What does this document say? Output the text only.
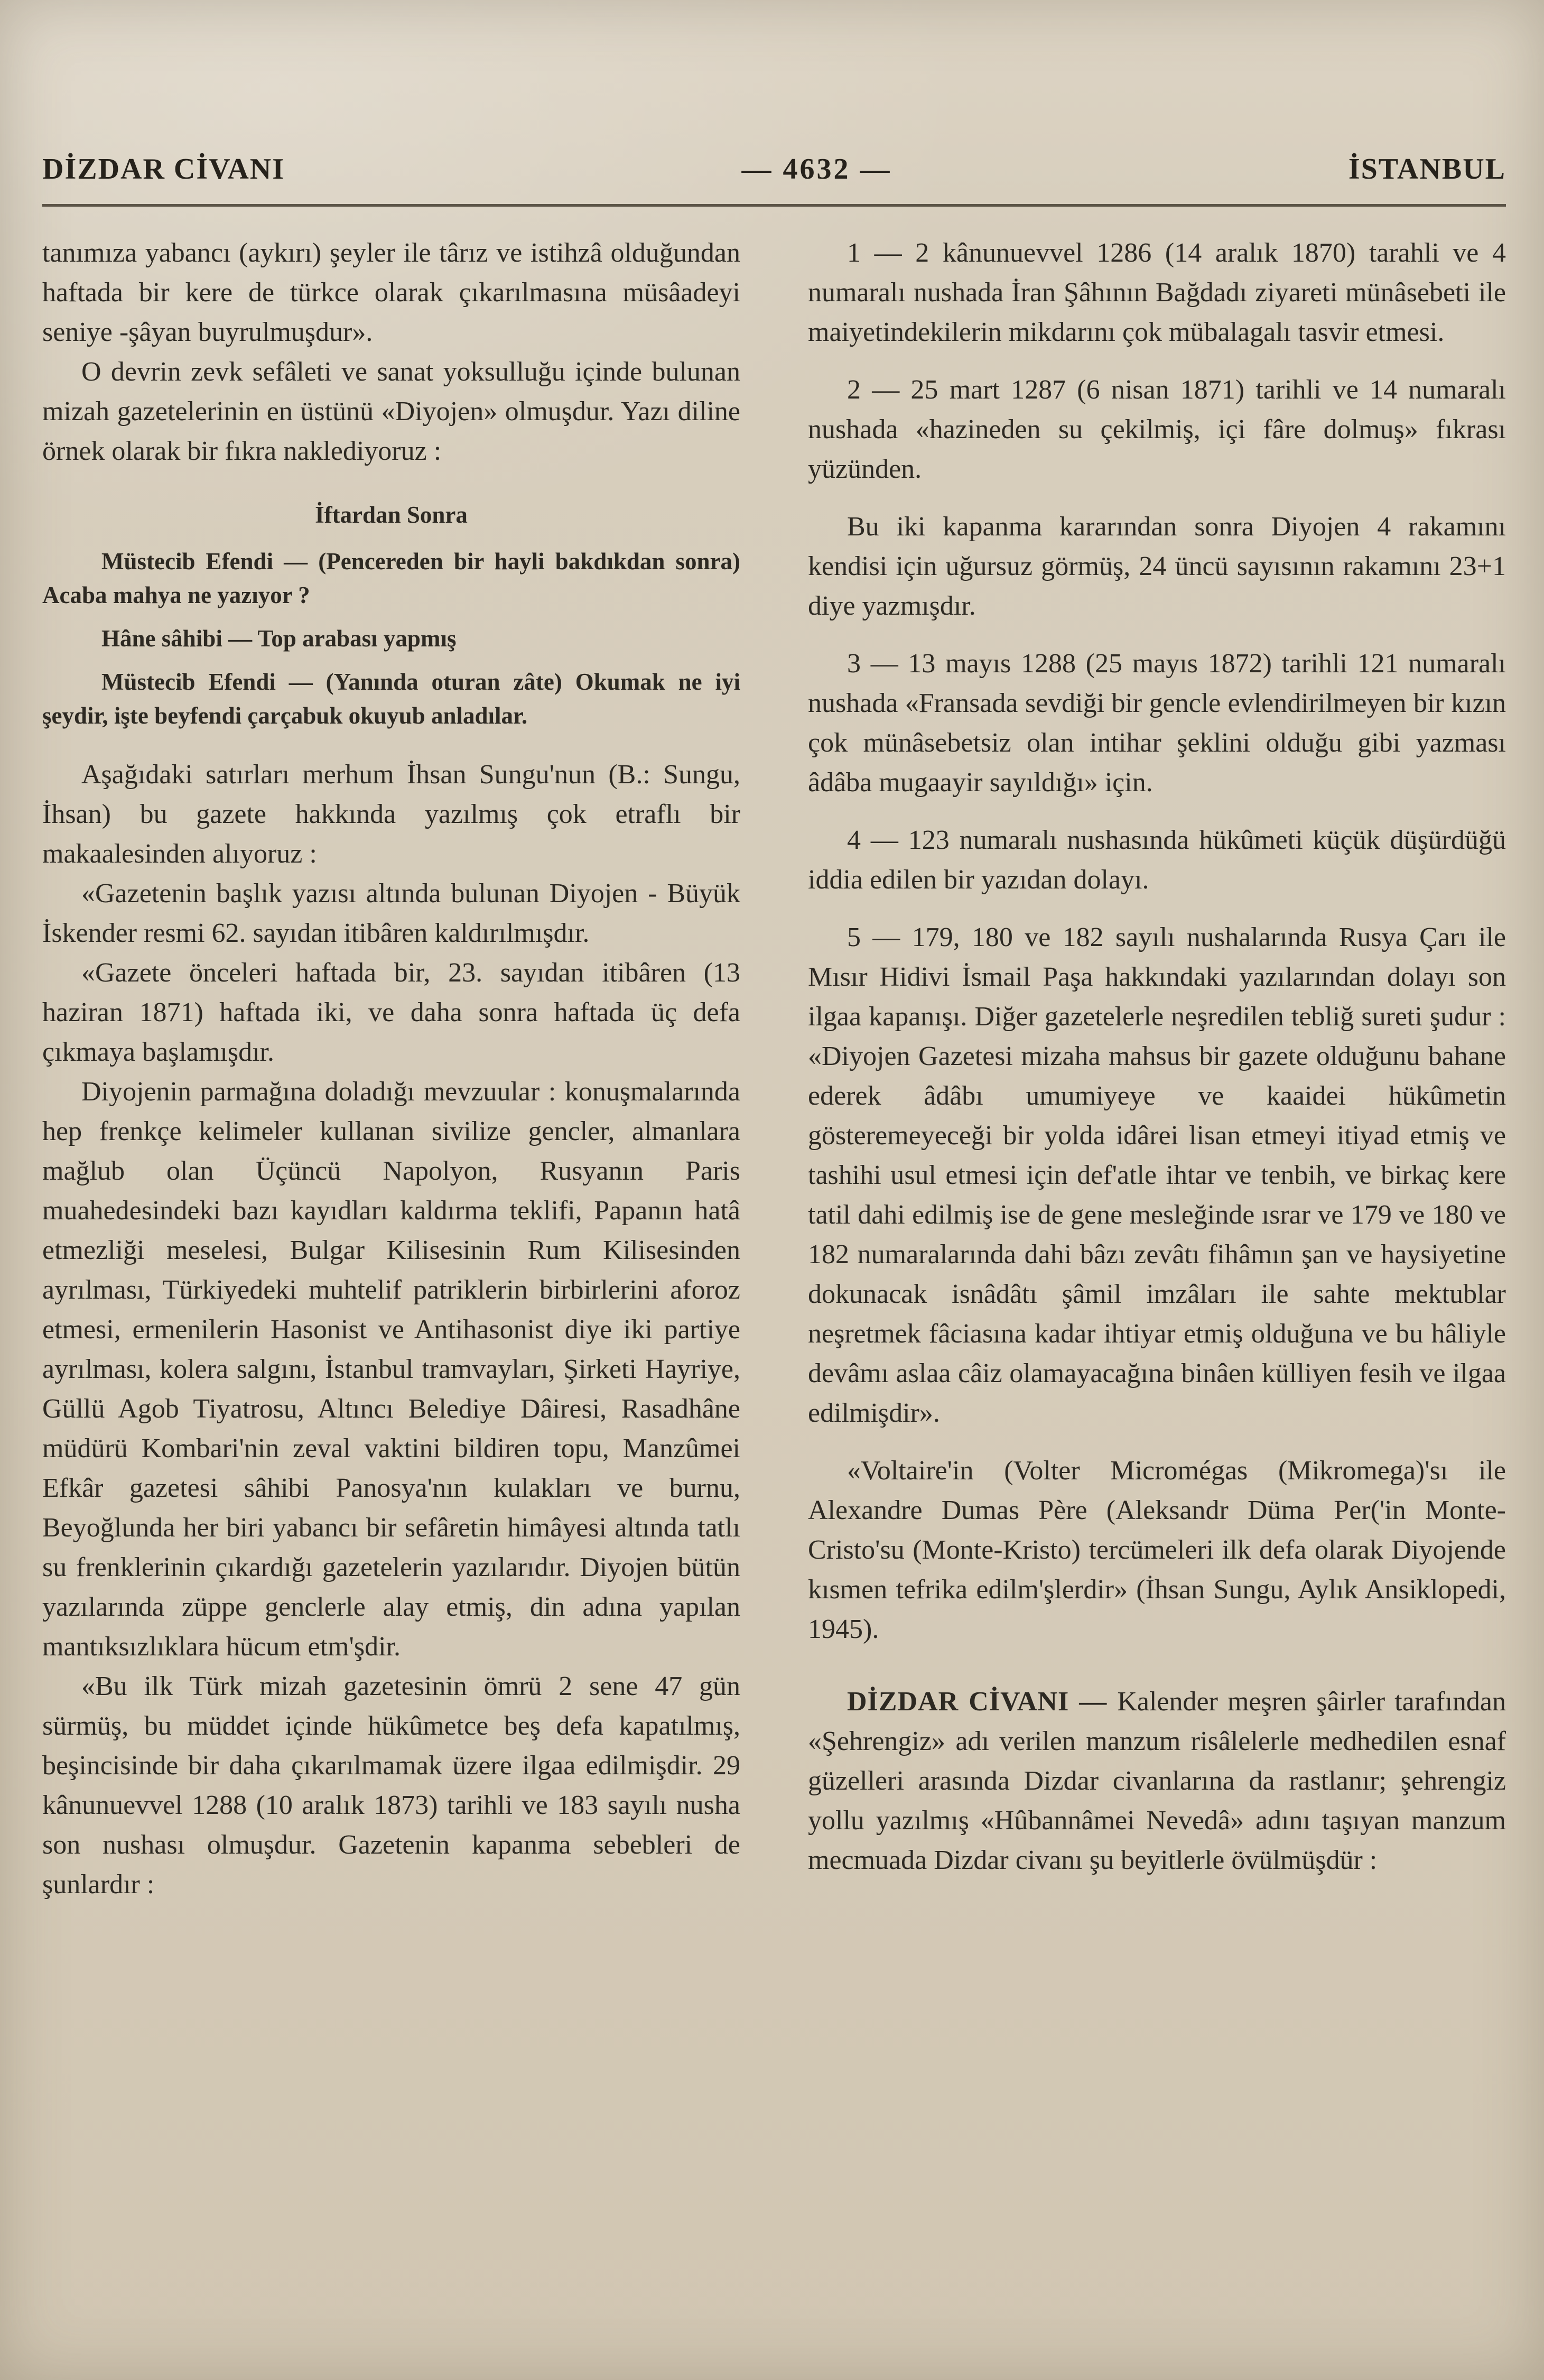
DİZDAR CİVANI	— 4632 —	İSTANBUL

tanımıza yabancı (aykırı) şeyler ile târız ve istihzâ olduğundan haftada bir kere de türkce olarak çıkarılmasına müsâadeyi seniye -şâyan buyrulmuşdur».

O devrin zevk sefâleti ve sanat yoksulluğu içinde bulunan mizah gazetelerinin en üstünü «Diyojen» olmuşdur. Yazı diline örnek olarak bir fıkra naklediyoruz :

İftardan Sonra

Müstecib Efendi — (Pencereden bir hayli bakdıkdan sonra) Acaba mahya ne yazıyor ?

Hâne sâhibi — Top arabası yapmış

Müstecib Efendi — (Yanında oturan zâte) Okumak ne iyi şeydir, işte beyfendi çarçabuk okuyub anladılar.

Aşağıdaki satırları merhum İhsan Sungu'nun (B.: Sungu, İhsan) bu gazete hakkında yazılmış çok etraflı bir makaalesinden alıyoruz :

«Gazetenin başlık yazısı altında bulunan Diyojen - Büyük İskender resmi 62. sayıdan itibâren kaldırılmışdır.

«Gazete önceleri haftada bir, 23. sayıdan itibâren (13 haziran 1871) haftada iki, ve daha sonra haftada üç defa çıkmaya başlamışdır.

Diyojenin parmağına doladığı mevzuular : konuşmalarında hep frenkçe kelimeler kullanan sivilize gencler, almanlara mağlub olan Üçüncü Napolyon, Rusyanın Paris muahedesindeki bazı kayıdları kaldırma teklifi, Papanın hatâ etmezliği meselesi, Bulgar Kilisesinin Rum Kilisesinden ayrılması, Türkiyedeki muhtelif patriklerin birbirlerini aforoz etmesi, ermenilerin Hasonist ve Antihasonist diye iki partiye ayrılması, kolera salgını, İstanbul tramvayları, Şirketi Hayriye, Güllü Agob Tiyatrosu, Altıncı Belediye Dâiresi, Rasadhâne müdürü Kombari'nin zeval vaktini bildiren topu, Manzûmei Efkâr gazetesi sâhibi Panosya'nın kulakları ve burnu, Beyoğlunda her biri yabancı bir sefâretin himâyesi altında tatlı su frenklerinin çıkardığı gazetelerin yazılarıdır. Diyojen bütün yazılarında züppe genclerle alay etmiş, din adına yapılan mantıksızlıklara hücum etm'şdir.

«Bu ilk Türk mizah gazetesinin ömrü 2 sene 47 gün sürmüş, bu müddet içinde hükûmetce beş defa kapatılmış, beşincisinde bir daha çıkarılmamak üzere ilgaa edilmişdir. 29 kânunuevvel 1288 (10 aralık 1873) tarihli ve 183 sayılı nusha son nushası olmuşdur. Gazetenin kapanma sebebleri de şunlardır :

1 — 2 kânunuevvel 1286 (14 aralık 1870) tarahli ve 4 numaralı nushada İran Şâhının Bağdadı ziyareti münâsebeti ile maiyetindekilerin mikdarını çok mübalagalı tasvir etmesi.

2 — 25 mart 1287 (6 nisan 1871) tarihli ve 14 numaralı nushada «hazineden su çekilmiş, içi fâre dolmuş» fıkrası yüzünden.

Bu iki kapanma kararından sonra Diyojen 4 rakamını kendisi için uğursuz görmüş, 24 üncü sayısının rakamını 23+1 diye yazmışdır.

3 — 13 mayıs 1288 (25 mayıs 1872) tarihli 121 numaralı nushada «Fransada sevdiği bir gencle evlendirilmeyen bir kızın çok münâsebetsiz olan intihar şeklini olduğu gibi yazması âdâba mugaayir sayıldığı» için.

4 — 123 numaralı nushasında hükûmeti küçük düşürdüğü iddia edilen bir yazıdan dolayı.

5 — 179, 180 ve 182 sayılı nushalarında Rusya Çarı ile Mısır Hidivi İsmail Paşa hakkındaki yazılarından dolayı son ilgaa kapanışı. Diğer gazetelerle neşredilen tebliğ sureti şudur : «Diyojen Gazetesi mizaha mahsus bir gazete olduğunu bahane ederek âdâbı umumiyeye ve kaaidei hükûmetin gösteremeyeceği bir yolda idârei lisan etmeyi itiyad etmiş ve tashihi usul etmesi için def'atle ihtar ve tenbih, ve birkaç kere tatil dahi edilmiş ise de gene mesleğinde ısrar ve 179 ve 180 ve 182 numaralarında dahi bâzı zevâtı fihâmın şan ve haysiyetine dokunacak isnâdâtı şâmil imzâları ile sahte mektublar neşretmek fâciasına kadar ihtiyar etmiş olduğuna ve bu hâliyle devâmı aslaa câiz olamayacağına binâen külliyen fesih ve ilgaa edilmişdir».

«Voltaire'in (Volter Micromégas (Mikromega)'sı ile Alexandre Dumas Père (Aleksandr Düma Per('in Monte-Cristo'su (Monte-Kristo) tercümeleri ilk defa olarak Diyojende kısmen tefrika edilm'şlerdir» (İhsan Sungu, Aylık Ansiklopedi, 1945).

DİZDAR CİVANI — Kalender meşren şâirler tarafından «Şehrengiz» adı verilen manzum risâlelerle medhedilen esnaf güzelleri arasında Dizdar civanlarına da rastlanır; şehrengiz yollu yazılmış «Hûbannâmei Nevedâ» adını taşıyan manzum mecmuada Dizdar civanı şu beyitlerle övülmüşdür :
